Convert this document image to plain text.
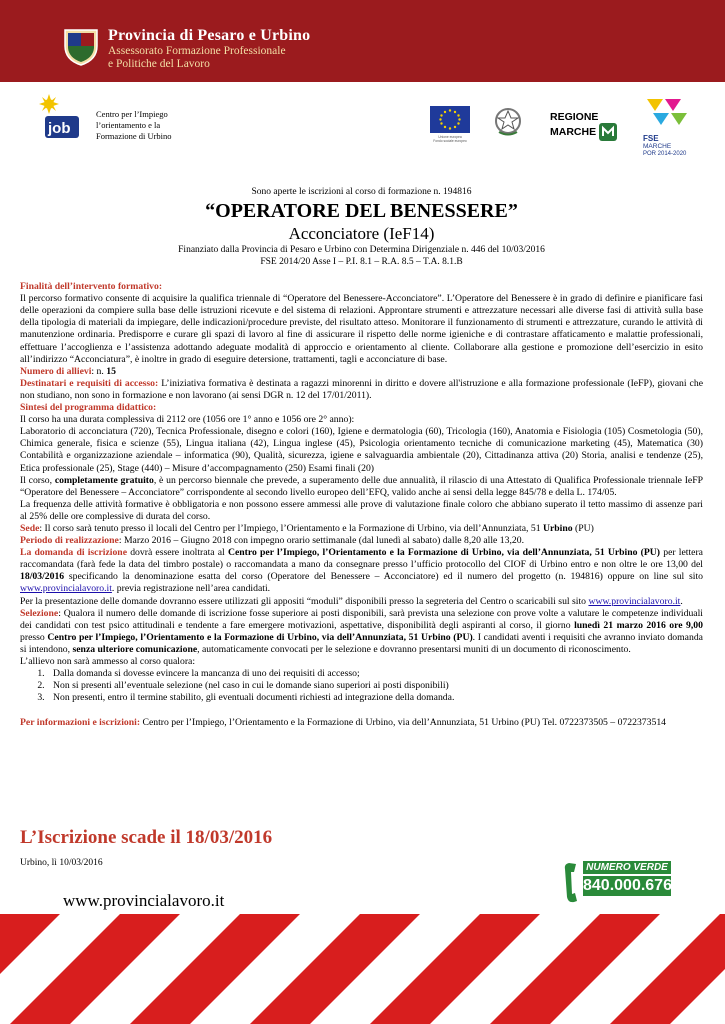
Provincia di Pesaro e Urbino
Assessorato Formazione Professionale
e Politiche del Lavoro
job
Centro per l’Impiego
l’orientamento e la
Formazione di Urbino	Unione europea
Fondo sociale europeo
REGIONE
MARCHE
FSE
MARCHE
POR 2014-2020
Sono aperte le iscrizioni al corso di formazione n. 194816
“OPERATORE DEL BENESSERE”
Acconciatore (IeF14)
Finanziato dalla Provincia di Pesaro e Urbino con Determina Dirigenziale n. 446 del 10/03/2016
FSE 2014/20 Asse I – P.I. 8.1 – R.A. 8.5 – T.A. 8.1.B
Finalità dell’intervento formativo:

Il percorso formativo consente di acquisire la qualifica triennale di “Operatore del Benessere-Acconciatore”. L’Operatore del Benessere è in grado di definire e pianificare fasi delle operazioni da compiere sulla base delle istruzioni ricevute e del sistema di relazioni. Approntare strumenti e attrezzature necessari alle diverse fasi di attività sulla base della tipologia di materiali da impiegare, delle indicazioni/procedure previste, del risultato atteso. Monitorare il funzionamento di strumenti e attrezzature, curando le attività di manutenzione ordinaria. Predisporre e curare gli spazi di lavoro al fine di assicurare il rispetto delle norme igieniche e di contrastare affaticamento e malattie professionali, effettuare l’accoglienza e l’assistenza adottando adeguate modalità di approccio e orientamento al cliente. Collaborare alla gestione e promozione dell’esercizio in esito all’indirizzo “Acconciatura”, è inoltre in grado di eseguire detersione, trattamenti, tagli e acconciature di base.

Numero di allievi: n. 15

Destinatari e requisiti di accesso: L’iniziativa formativa è destinata a ragazzi minorenni in diritto e dovere all'istruzione e alla formazione professionale (IeFP), giovani che non studiano, non sono in formazione e non lavorano (ai sensi DGR n. 12 del 17/01/2011).

Sintesi del programma didattico:

Il corso ha una durata complessiva di 2112 ore (1056 ore 1° anno e 1056 ore 2° anno):

Laboratorio di acconciatura (720), Tecnica Professionale, disegno e colori (160), Igiene e dermatologia (60), Tricologia (160), Anatomia e Fisiologia (105) Cosmetologia (50), Chimica generale, fisica e scienze (55), Lingua italiana (42), Lingua inglese (45), Psicologia orientamento tecniche di comunicazione marketing (45), Matematica (30) Contabilità e organizzazione aziendale – informatica (90), Qualità, sicurezza, igiene e salvaguardia ambientale (20), Cittadinanza attiva (20) Storia, analisi e tendenze (25), Etica professionale (25), Stage (440) – Misure d’accompagnamento (250) Esami finali (20)

Il corso, completamente gratuito, è un percorso biennale che prevede, a superamento delle due annualità, il rilascio di una Attestato di Qualifica Professionale triennale IeFP “Operatore del Benessere – Acconciatore” corrispondente al secondo livello europeo dell’EFQ, valido anche ai sensi della legge 845/78 e della L. 174/05.

La frequenza delle attività formative è obbligatoria e non possono essere ammessi alle prove di valutazione finale coloro che abbiano superato il tetto massimo di assenze pari al 25% delle ore complessive di durata del corso.

Sede: Il corso sarà tenuto presso il locali del Centro per l’Impiego, l’Orientamento e la Formazione di Urbino, via dell’Annunziata, 51 Urbino (PU)

Periodo di realizzazione: Marzo 2016 – Giugno 2018 con impegno orario settimanale (dal lunedì al sabato) dalle 8,20 alle 13,20.

La domanda di iscrizione dovrà essere inoltrata al Centro per l’Impiego, l’Orientamento e la Formazione di Urbino, via dell’Annunziata, 51 Urbino (PU) per lettera raccomandata (farà fede la data del timbro postale) o raccomandata a mano da consegnare presso l’ufficio protocollo del CIOF di Urbino entro e non oltre le ore 13,00 del 18/03/2016 specificando la denominazione esatta del corso (Operatore del Benessere – Acconciatore) ed il numero del progetto (n. 194816) oppure on line sul sito www.provincialavoro.it. previa registrazione nell’area candidati.

Per la presentazione delle domande dovranno essere utilizzati gli appositi “moduli” disponibili presso la segreteria del Centro o scaricabili sul sito www.provincialavoro.it.

Selezione: Qualora il numero delle domande di iscrizione fosse superiore ai posti disponibili, sarà prevista una selezione con prove volte a valutare le competenze individuali dei candidati con test psico attitudinali e tendente a fare emergere motivazioni, aspettative, disponibilità degli aspiranti al corso, il giorno lunedì 21 marzo 2016 ore 9,00 presso Centro per l’Impiego, l’Orientamento e la Formazione di Urbino, via dell’Annunziata, 51 Urbino (PU). I candidati aventi i requisiti che avranno inviato domanda si intendono, senza ulteriore comunicazione, automaticamente convocati per le selezione e dovranno presentarsi muniti di un documento di riconoscimento.

L’allievo non sarà ammesso al corso qualora:

1. Dalla domanda si dovesse evincere la mancanza di uno dei requisiti di accesso;
2. Non si presenti all’eventuale selezione (nel caso in cui le domande siano superiori ai posti disponibili)
3. Non presenti, entro il termine stabilito, gli eventuali documenti richiesti ad integrazione della domanda.

Per informazioni e iscrizioni: Centro per l’Impiego, l’Orientamento e la Formazione di Urbino, via dell’Annunziata, 51 Urbino (PU) Tel. 0722373505 – 0722373514

L’Iscrizione scade il 18/03/2016
Urbino, lì 10/03/2016
www.provincialavoro.it
NUMERO VERDE
840.000.676
